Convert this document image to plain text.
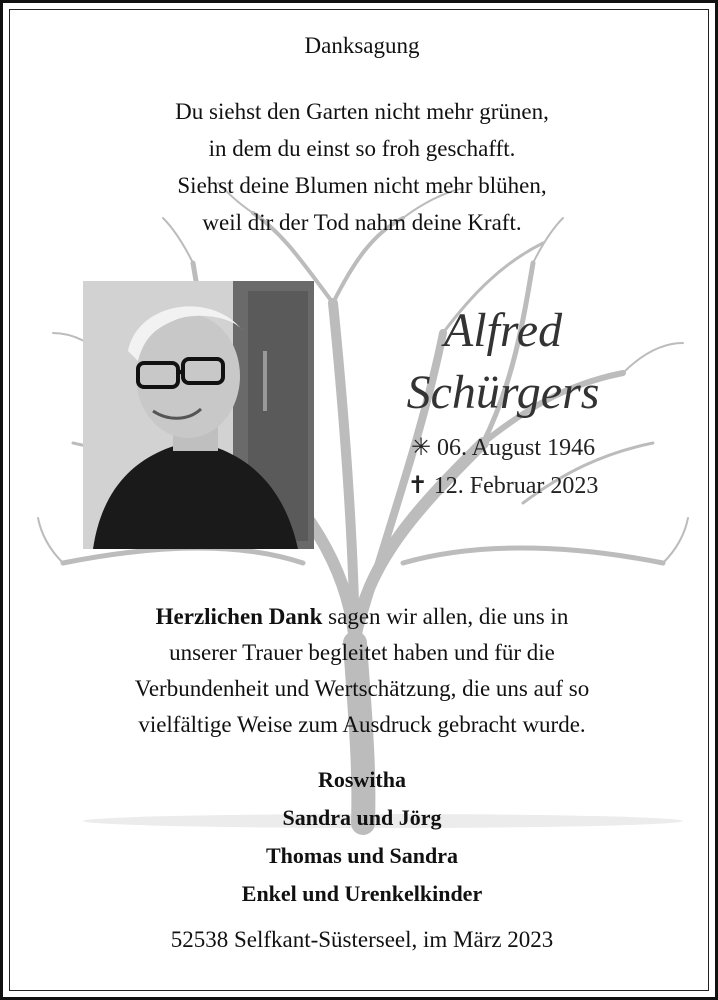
Danksagung
Du siehst den Garten nicht mehr grünen,
in dem du einst so froh geschafft.
Siehst deine Blumen nicht mehr blühen,
weil dir der Tod nahm deine Kraft.
Alfred
Schürgers
✳ 06. August 1946
✝ 12. Februar 2023
Herzlichen Dank sagen wir allen, die uns in
unserer Trauer begleitet haben und für die
Verbundenheit und Wertschätzung, die uns auf so
vielfältige Weise zum Ausdruck gebracht wurde.
Roswitha
Sandra und Jörg
Thomas und Sandra
Enkel und Urenkelkinder
52538 Selfkant-Süsterseel, im März 2023
